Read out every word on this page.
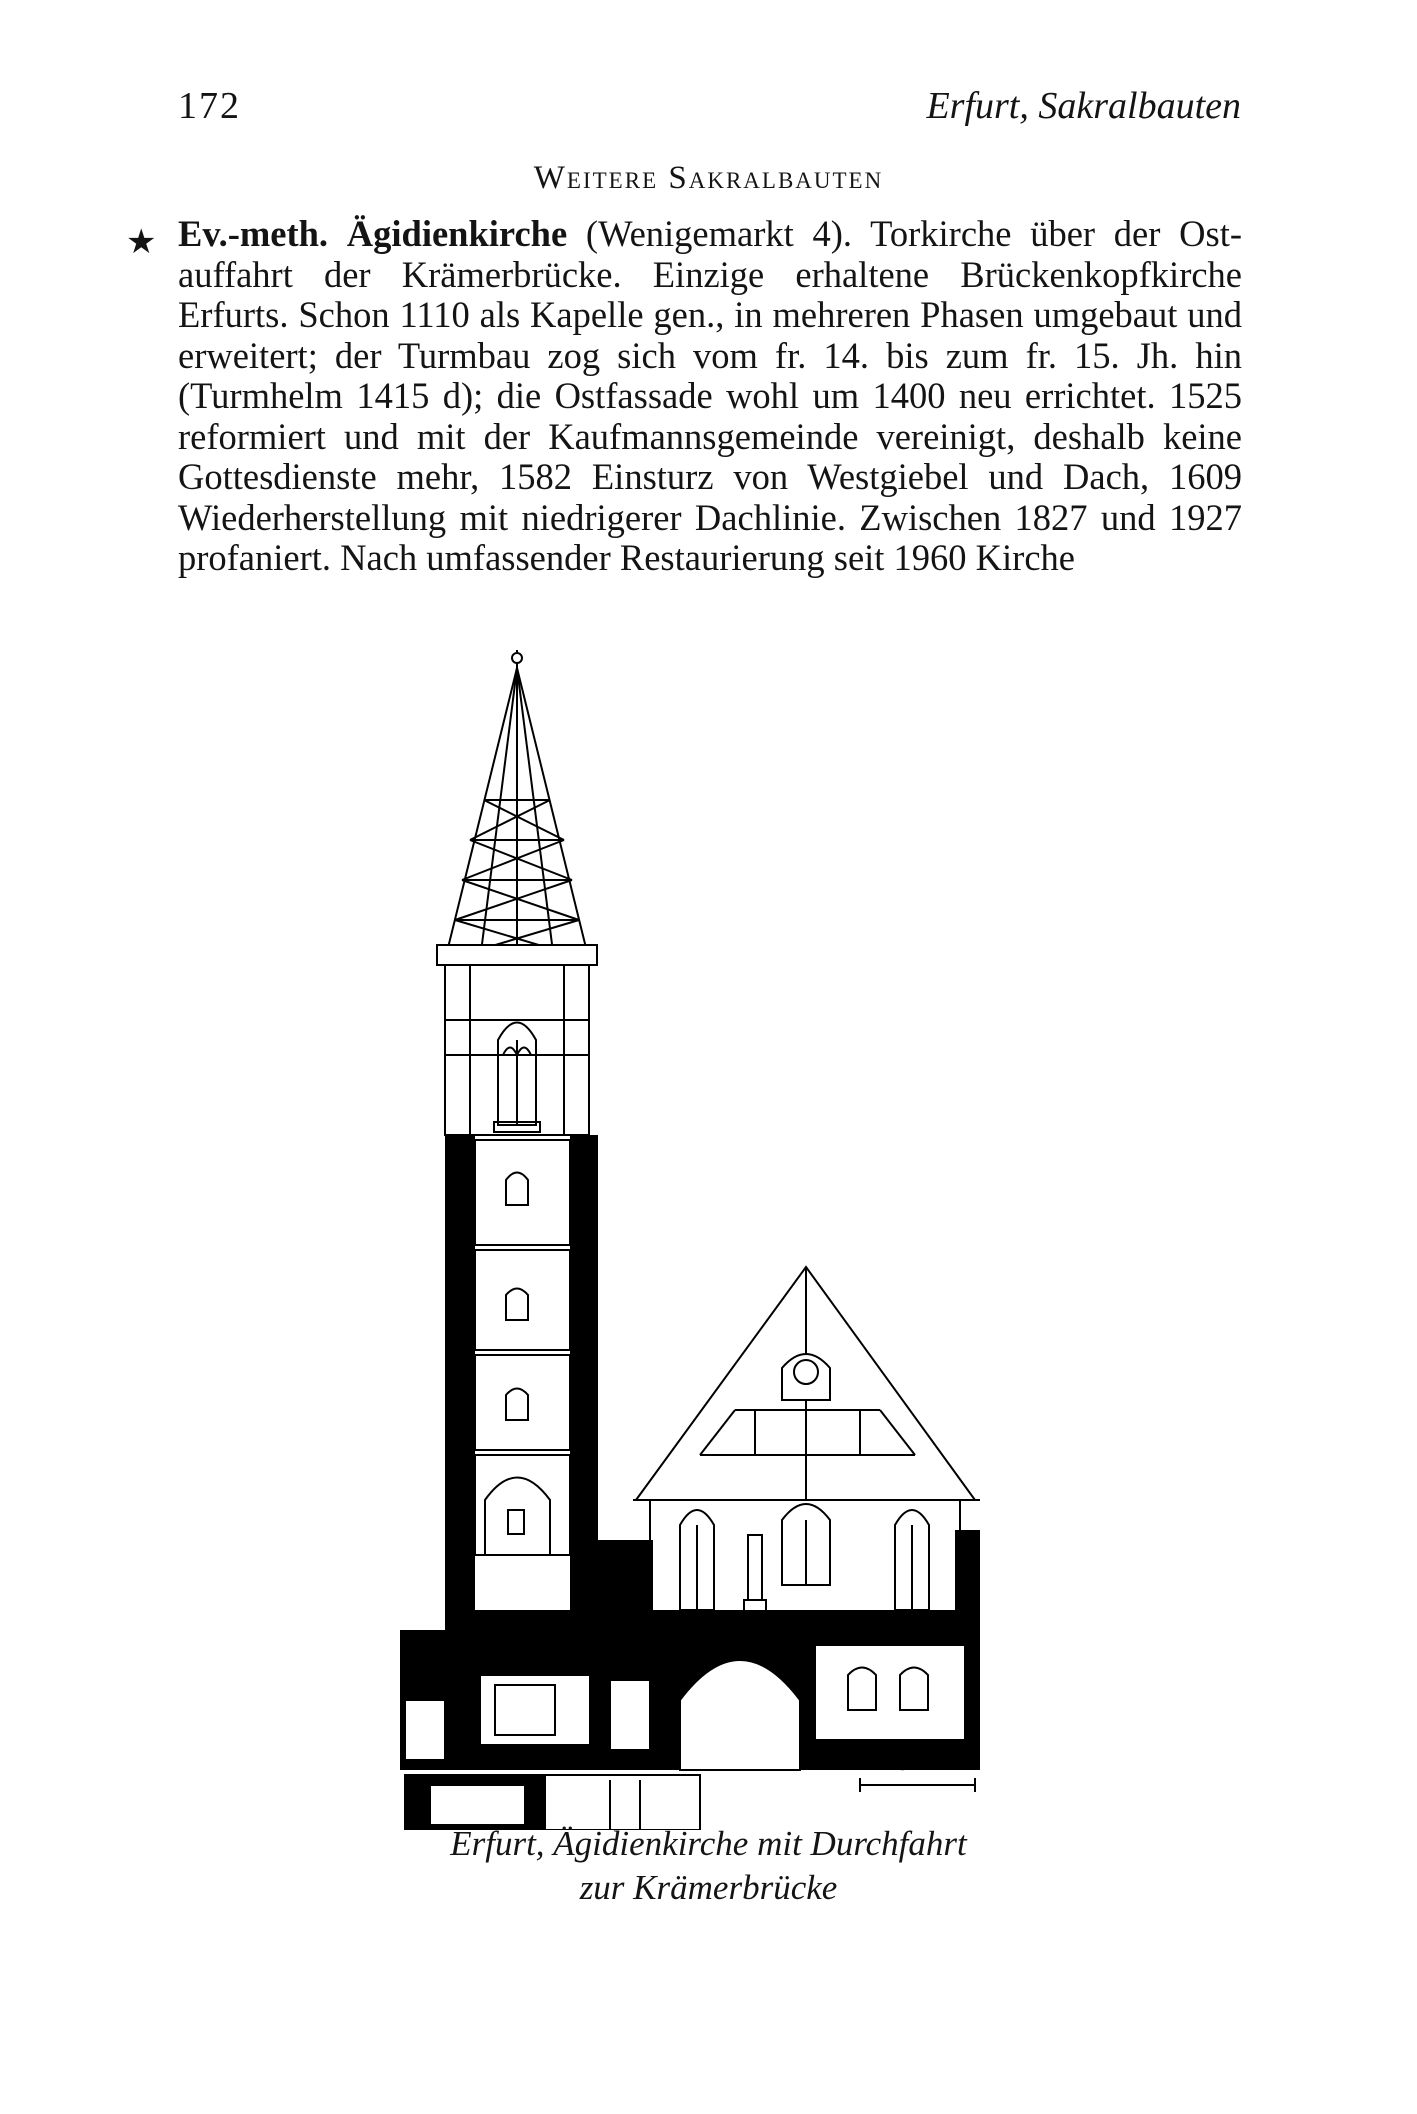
172	Erfurt, Sakralbauten
Weitere Sakralbauten
★ Ev.-meth. Ägidienkirche (Wenigemarkt 4). Torkirche über der Ostauffahrt der Krämerbrücke. Einzige erhaltene Brückenkopfkirche Erfurts. Schon 1110 als Kapelle gen., in mehreren Phasen umgebaut und erweitert; der Turmbau zog sich vom fr. 14. bis zum fr. 15. Jh. hin (Turmhelm 1415 d); die Ostfassade wohl um 1400 neu errichtet. 1525 reformiert und mit der Kaufmannsgemeinde vereinigt, deshalb keine Gottesdienste mehr, 1582 Einsturz von Westgiebel und Dach, 1609 Wiederherstellung mit niedrigerer Dachlinie. Zwischen 1827 und 1927 profaniert. Nach umfassender Restaurierung seit 1960 Kirche
5 m
Erfurt, Ägidienkirche mit Durchfahrt
zur Krämerbrücke
